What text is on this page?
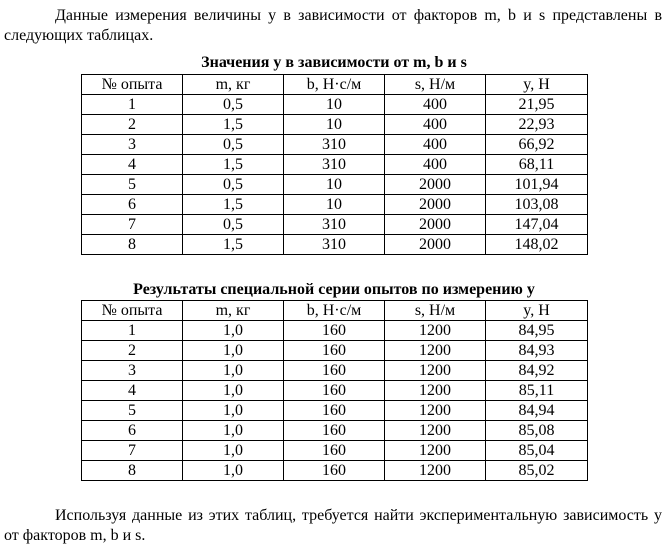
Данные измерения величины y в зависимости от факторов m, b и s представлены в следующих таблицах.
Значения y в зависимости от m, b и s
№ опыта	m, кг	b, Н·с/м	s, Н/м	y, Н
1	0,5	10	400	21,95
2	1,5	10	400	22,93
3	0,5	310	400	66,92
4	1,5	310	400	68,11
5	0,5	10	2000	101,94
6	1,5	10	2000	103,08
7	0,5	310	2000	147,04
8	1,5	310	2000	148,02
Результаты специальной серии опытов по измерению y
№ опыта	m, кг	b, Н·с/м	s, Н/м	y, Н
1	1,0	160	1200	84,95
2	1,0	160	1200	84,93
3	1,0	160	1200	84,92
4	1,0	160	1200	85,11
5	1,0	160	1200	84,94
6	1,0	160	1200	85,08
7	1,0	160	1200	85,04
8	1,0	160	1200	85,02
Используя данные из этих таблиц, требуется найти экспериментальную зависимость y от факторов m, b и s.
